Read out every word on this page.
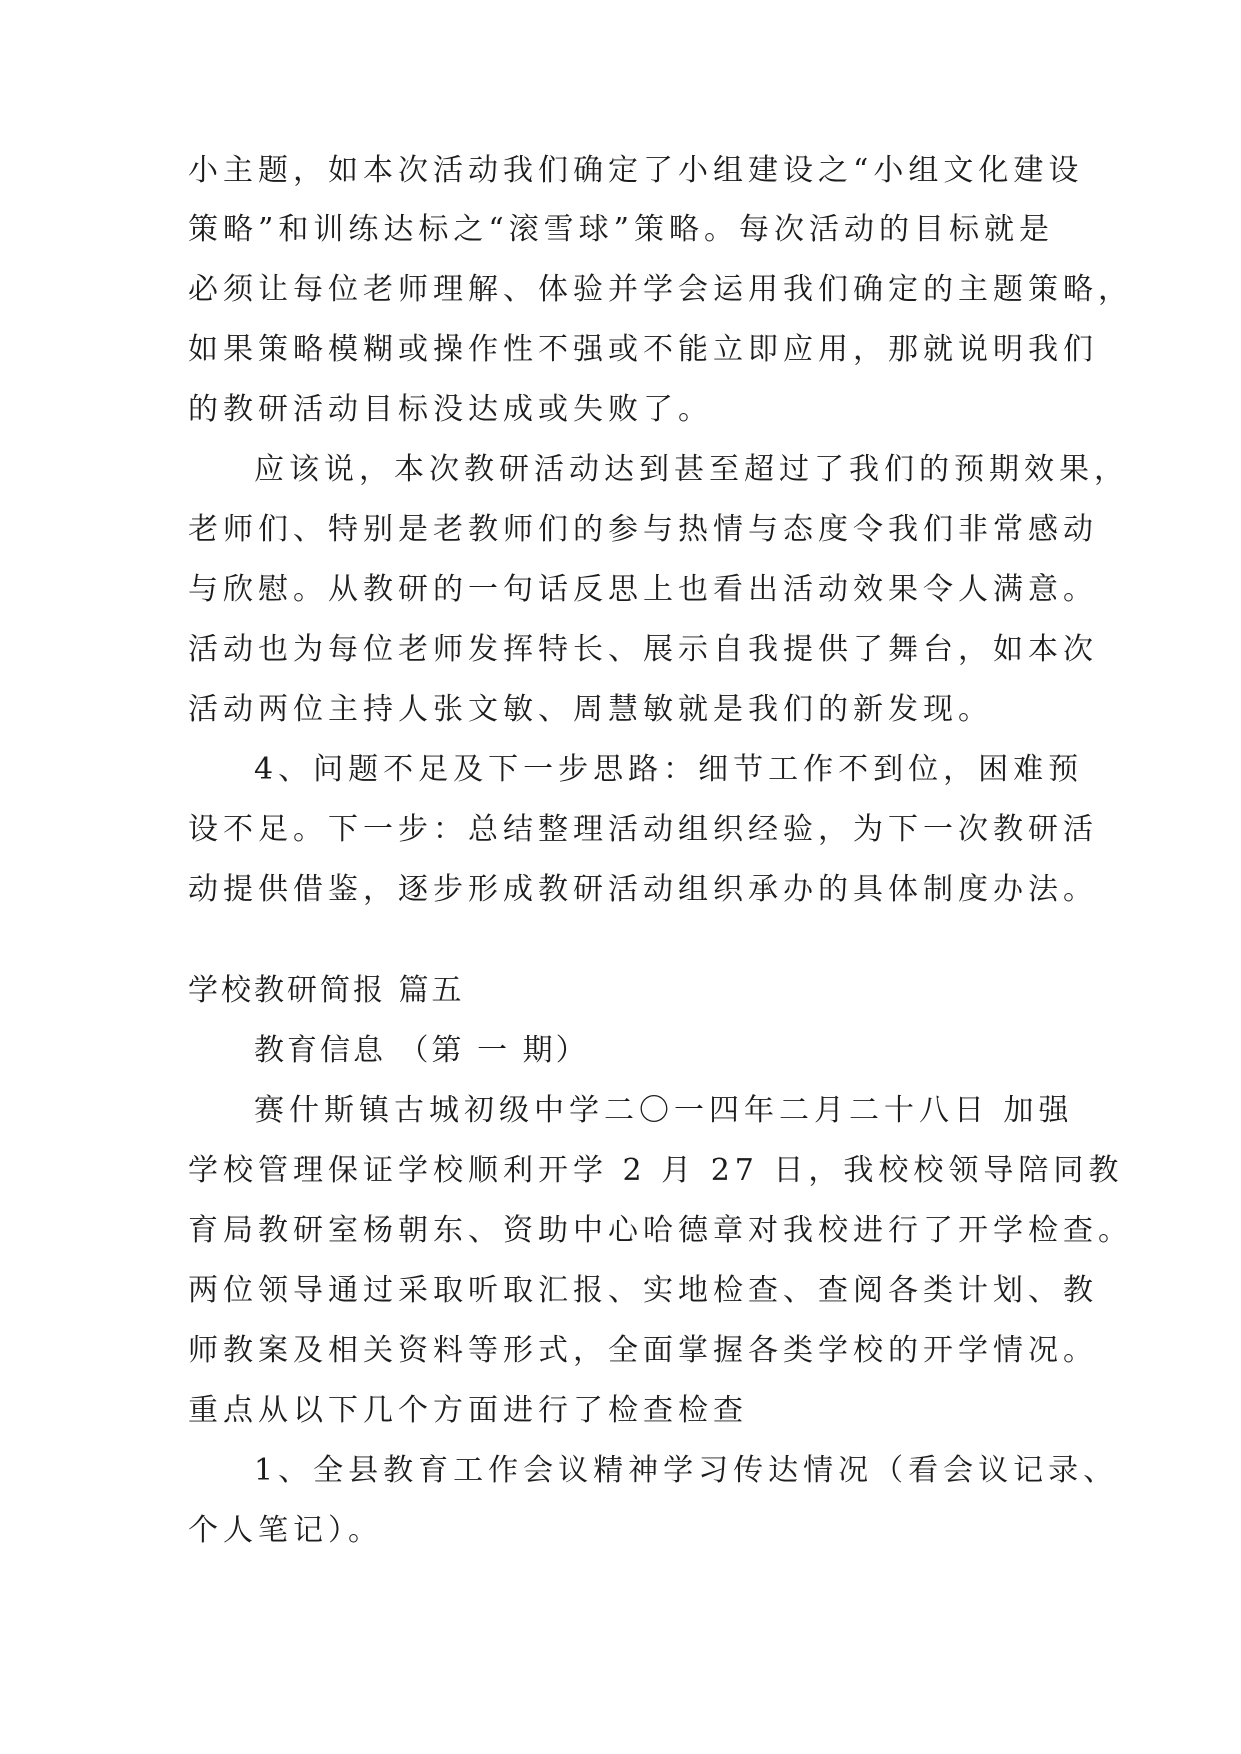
小主题，如本次活动我们确定了小组建设之“小组文化建设

策略”和训练达标之“滚雪球”策略。每次活动的目标就是

必须让每位老师理解、体验并学会运用我们确定的主题策略，

如果策略模糊或操作性不强或不能立即应用，那就说明我们

的教研活动目标没达成或失败了。

应该说，本次教研活动达到甚至超过了我们的预期效果，

老师们、特别是老教师们的参与热情与态度令我们非常感动

与欣慰。从教研的一句话反思上也看出活动效果令人满意。

活动也为每位老师发挥特长、展示自我提供了舞台，如本次

活动两位主持人张文敏、周慧敏就是我们的新发现。

4、问题不足及下一步思路：细节工作不到位，困难预

设不足。下一步：总结整理活动组织经验，为下一次教研活

动提供借鉴，逐步形成教研活动组织承办的具体制度办法。

学校教研简报 篇五

教育信息 （第 一 期）

赛什斯镇古城初级中学二〇一四年二月二十八日 加强

学校管理保证学校顺利开学 2 月 27 日，我校校领导陪同教

育局教研室杨朝东、资助中心哈德章对我校进行了开学检查。

两位领导通过采取听取汇报、实地检查、查阅各类计划、教

师教案及相关资料等形式，全面掌握各类学校的开学情况。

重点从以下几个方面进行了检查检查

1、全县教育工作会议精神学习传达情况（看会议记录、

个人笔记）。
